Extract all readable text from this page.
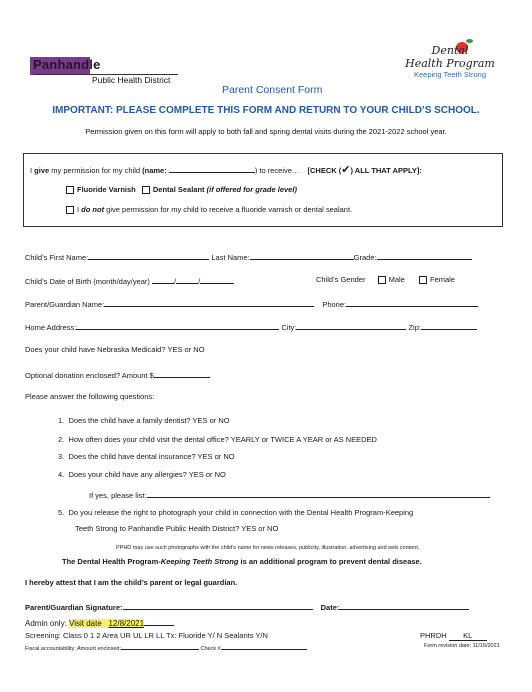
Panhandle
Public Health District
Parent Consent Form
Dental
Health Program
Keeping Teeth Strong
IMPORTANT: PLEASE COMPLETE THIS FORM AND RETURN TO YOUR CHILD’S SCHOOL.
Permission given on this form will apply to both fall and spring dental visits during the 2021-2022 school year.
I give my permission for my child (name:	) to receive… [CHECK (✔) ALL THAT APPLY]:
Fluoride Varnish Dental Sealant (if offered for grade level)
I do not give permission for my child to receive a fluoride varnish or dental sealant.
Child’s First Name:	Last Name:	Grade:
Child’s Date of Birth (month/day/year)	/	/	Child’s Gender	Male	Female
Parent/Guardian Name:	Phone:
Home Address:	City:	Zip:
Does your child have Nebraska Medicaid? YES or NO
Optional donation enclosed? Amount $
Please answer the following questions:
1. Does the child have a family dentist? YES or NO
2. How often does your child visit the dental office? YEARLY or TWICE A YEAR or AS NEEDED
3. Does the child have dental insurance? YES or NO
4. Does your child have any allergies? YES or NO
If yes, please list:
5. Do you release the right to photograph your child in connection with the Dental Health Program-Keeping
Teeth Strong to Panhandle Public Health District? YES or NO
PPHD may use such photographs with the child’s name for news releases, publicity, illustration, advertising and web content.
The Dental Health Program-Keeping Teeth Strong is an additional program to prevent dental disease.
I hereby attest that I am the child’s parent or legal guardian.
Parent/Guardian Signature:	Date:
Admin only: Visit date 12/8/2021
Screening: Class 0 1 2 Area UR UL LR LL Tx: Fluoride Y/ N Sealants Y/N	PHRDH KL
Fiscal accountability: Amount enclosed:	Check #	Form revision date: 11/16/2021
